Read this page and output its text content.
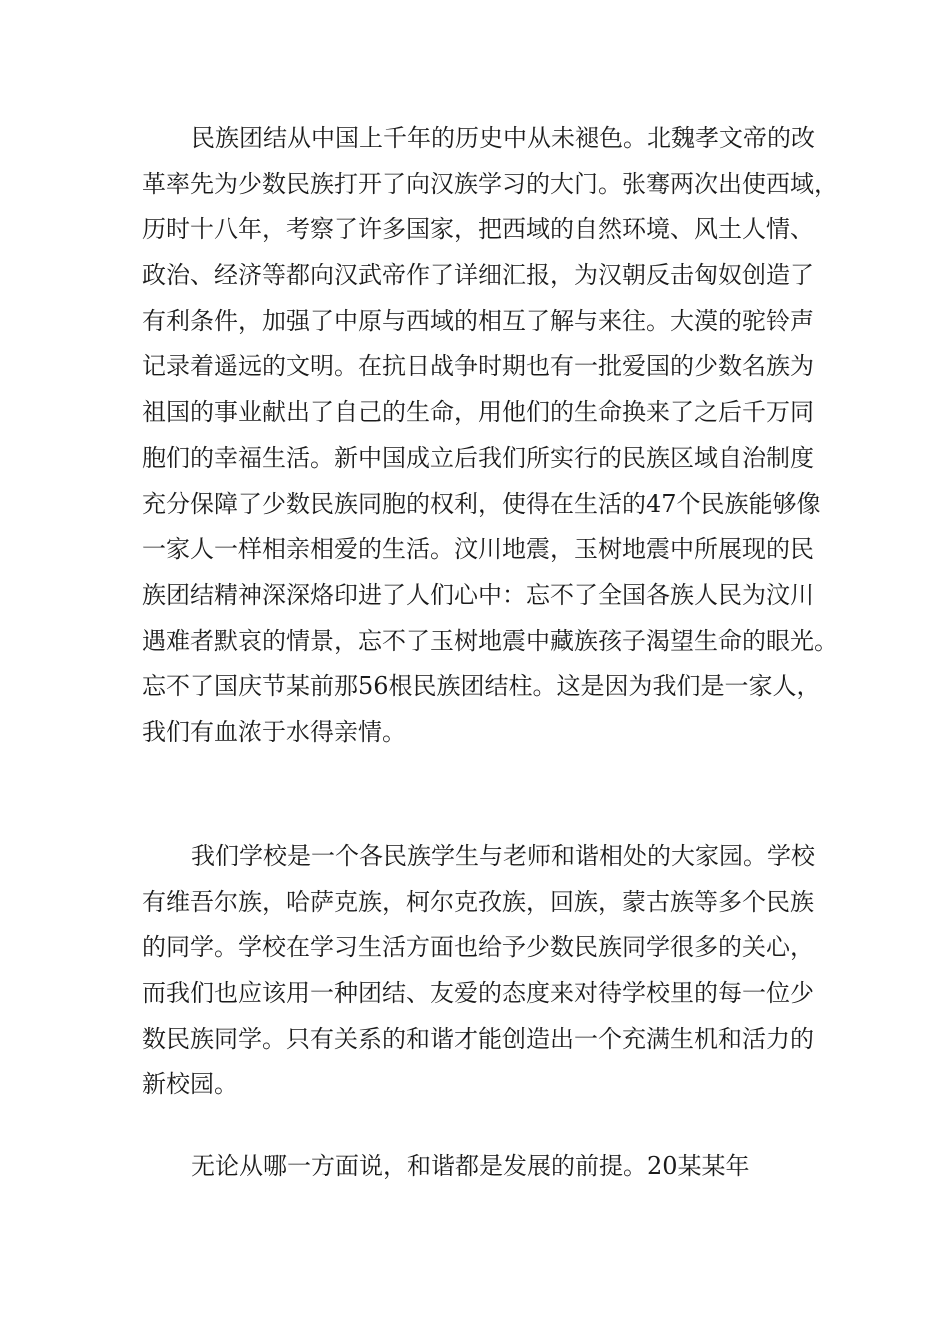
民族团结从中国上千年的历史中从未褪色。北魏孝文帝的改
革率先为少数民族打开了向汉族学习的大门。张骞两次出使西域，
历时十八年，考察了许多国家，把西域的自然环境、风土人情、
政治、经济等都向汉武帝作了详细汇报，为汉朝反击匈奴创造了
有利条件，加强了中原与西域的相互了解与来往。大漠的驼铃声
记录着遥远的文明。在抗日战争时期也有一批爱国的少数名族为
祖国的事业献出了自己的生命，用他们的生命换来了之后千万同
胞们的幸福生活。新中国成立后我们所实行的民族区域自治制度
充分保障了少数民族同胞的权利，使得在生活的47个民族能够像
一家人一样相亲相爱的生活。汶川地震，玉树地震中所展现的民
族团结精神深深烙印进了人们心中：忘不了全国各族人民为汶川
遇难者默哀的情景，忘不了玉树地震中藏族孩子渴望生命的眼光。
忘不了国庆节某前那56根民族团结柱。这是因为我们是一家人，
我们有血浓于水得亲情。
我们学校是一个各民族学生与老师和谐相处的大家园。学校
有维吾尔族，哈萨克族，柯尔克孜族，回族，蒙古族等多个民族
的同学。学校在学习生活方面也给予少数民族同学很多的关心，
而我们也应该用一种团结、友爱的态度来对待学校里的每一位少
数民族同学。只有关系的和谐才能创造出一个充满生机和活力的
新校园。
无论从哪一方面说，和谐都是发展的前提。20某某年
